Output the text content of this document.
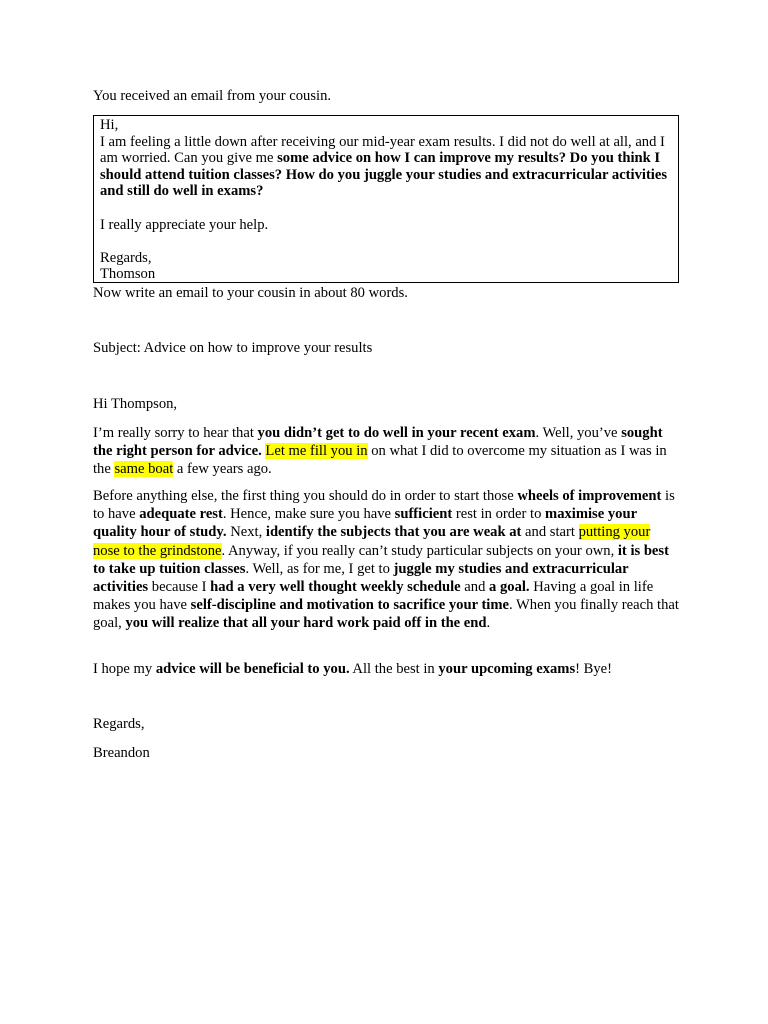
You received an email from your cousin.

Hi,

I am feeling a little down after receiving our mid-year exam results. I did not do well at all, and I am worried. Can you give me some advice on how I can improve my results? Do you think I should attend tuition classes? How do you juggle your studies and extracurricular activities and still do well in exams?

I really appreciate your help.

Regards,

Thomson

Now write an email to your cousin in about 80 words.
Subject: Advice on how to improve your results
Hi Thompson,

I’m really sorry to hear that you didn’t get to do well in your recent exam. Well, you’ve sought the right person for advice. Let me fill you in on what I did to overcome my situation as I was in the same boat a few years ago.

Before anything else, the first thing you should do in order to start those wheels of improvement is to have adequate rest. Hence, make sure you have sufficient rest in order to maximise your quality hour of study. Next, identify the subjects that you are weak at and start putting your nose to the grindstone. Anyway, if you really can’t study particular subjects on your own, it is best to take up tuition classes. Well, as for me, I get to juggle my studies and extracurricular activities because I had a very well thought weekly schedule and a goal. Having a goal in life makes you have self-discipline and motivation to sacrifice your time. When you finally reach that goal, you will realize that all your hard work paid off in the end.

I hope my advice will be beneficial to you. All the best in your upcoming exams! Bye!

Regards,
Breandon
